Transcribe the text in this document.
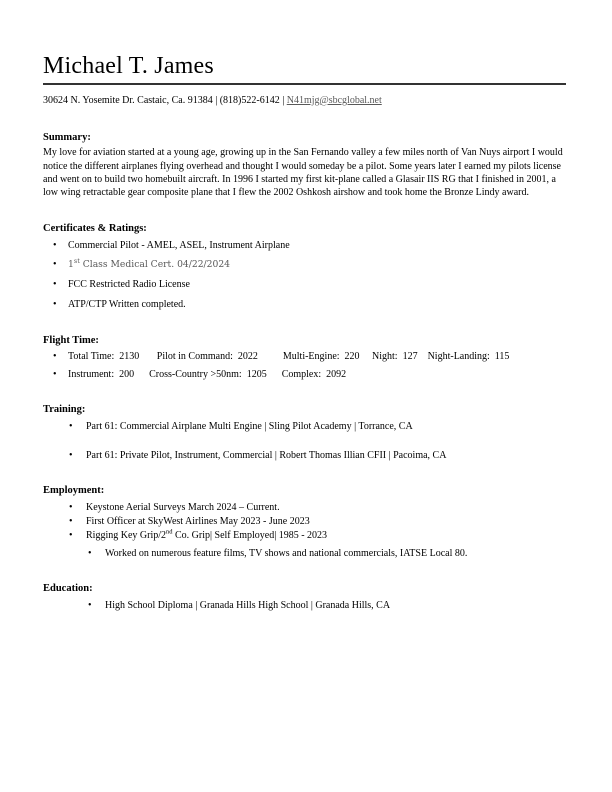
Michael T. James

30624 N. Yosemite Dr. Castaic, Ca. 91384 | (818)522-6142 | N41mjg@sbcglobal.net

Summary:

My love for aviation started at a young age, growing up in the San Fernando valley a few miles north of Van Nuys airport I would notice the different airplanes flying overhead and thought I would someday be a pilot. Some years later I earned my pilots license and went on to build two homebuilt aircraft. In 1996 I started my first kit-plane called a Glasair IIS RG that I finished in 2001, a low wing retractable gear composite plane that I flew the 2002 Oshkosh airshow and took home the Bronze Lindy award.

Certificates & Ratings:
•	Commercial Pilot - AMEL, ASEL, Instrument Airplane
•	1st Class Medical Cert. 04/22/2024
•	FCC Restricted Radio License
•	ATP/CTP Written completed.
Flight Time:
•	Total Time:  2130       Pilot in Command:  2022          Multi-Engine:  220     Night:  127    Night-Landing:  115
•	Instrument:  200      Cross-Country >50nm:  1205      Complex:  2092
Training:
•	Part 61: Commercial Airplane Multi Engine | Sling Pilot Academy | Torrance, CA
•	Part 61: Private Pilot, Instrument, Commercial | Robert Thomas Illian CFII | Pacoima, CA
Employment:
•	Keystone Aerial Surveys March 2024 – Current.
•	First Officer at SkyWest Airlines May 2023 - June 2023
•	Rigging Key Grip/2nd Co. Grip| Self Employed| 1985 - 2023
•	Worked on numerous feature films, TV shows and national commercials, IATSE Local 80.
Education:
•	High School Diploma | Granada Hills High School | Granada Hills, CA
